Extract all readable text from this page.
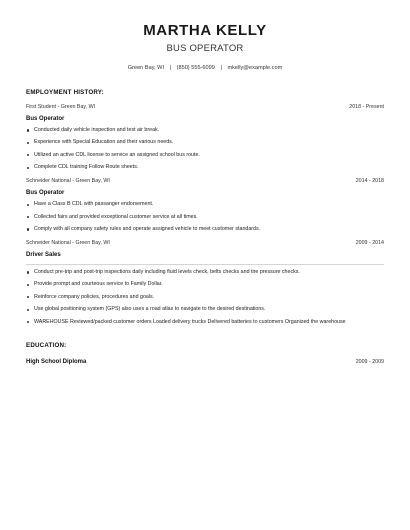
MARTHA KELLY
BUS OPERATOR
Green Bay, WI | (850) 555-6099 | mkelly@example.com
EMPLOYMENT HISTORY:
First Student - Green Bay, WI	2018 - Present
Bus Operator
Conducted daily vehicle inspection and test air break.
Experience with Special Education and their various needs.
Utilized an active CDL license to service an assigned school bus route.
Complete CDL training Follow Route sheets.
Schneider National - Green Bay, WI	2014 - 2018
Bus Operator
Have a Class B CDL with passanger endorsement.
Collected fairs and provided exceptional customer service at all times.
Comply with all company safety rules and operate assigned vehicle to meet customer standards.
Schneider National - Green Bay, WI	2009 - 2014
Driver Sales
Conduct pre-trip and post-trip inspections daily including fluid levels check, belts checks and tire pressure checks.
Provide prompt and courteous service to Family Dollar.
Reinforce company policies, procedures and goals.
Use global positioning system (GPS) also uses a road atlas to navigate to the desired destinations.
WAREHOUSE Reviewed/packed customer orders Loaded delivery trucks Delivered batteries to customers Organized the warehouse
EDUCATION:
High School Diploma	2009 - 2009
